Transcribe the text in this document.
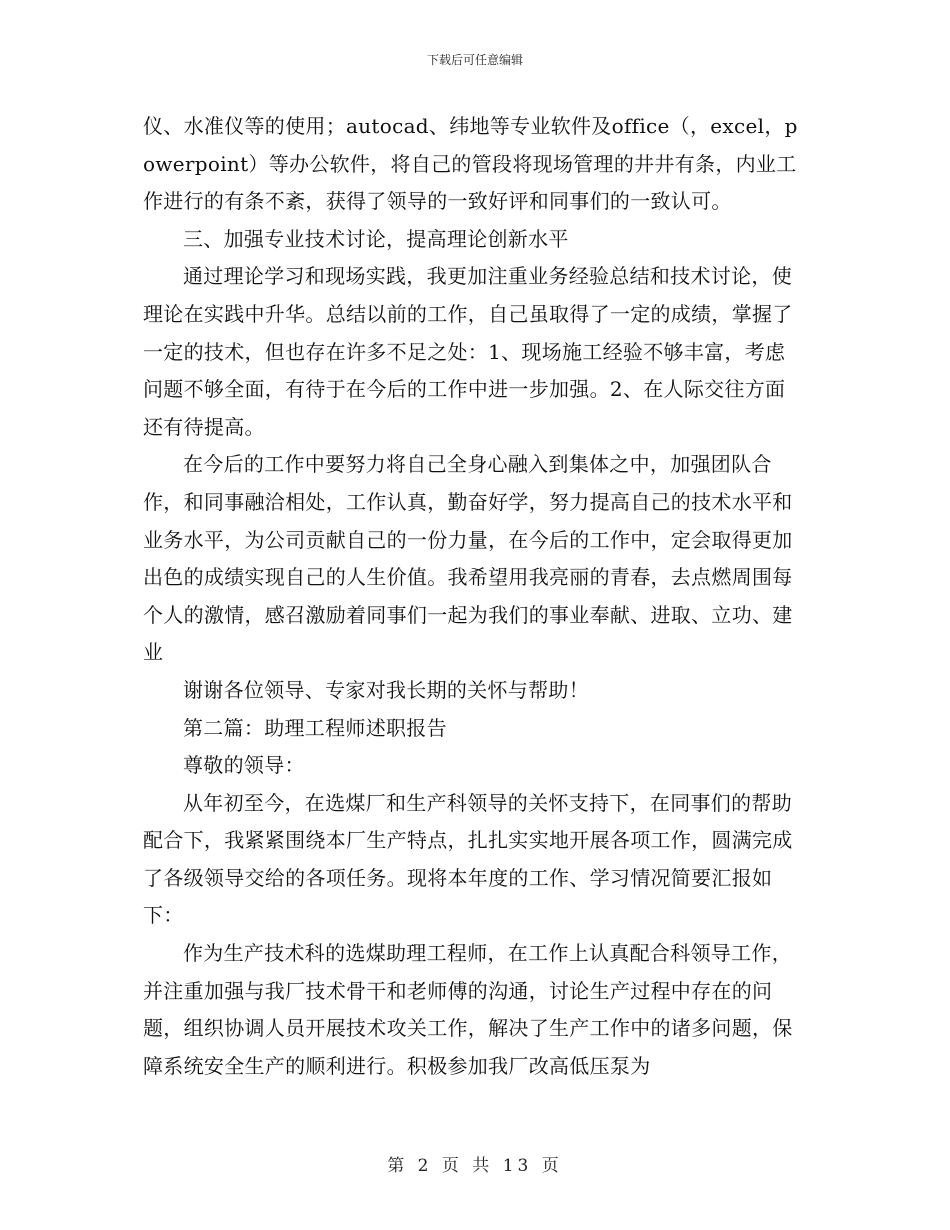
下载后可任意编辑

仪、水准仪等的使用；autocad、纬地等专业软件及office（，excel，powerpoint）等办公软件，将自己的管段将现场管理的井井有条，内业工作进行的有条不紊，获得了领导的一致好评和同事们的一致认可。

三、加强专业技术讨论，提高理论创新水平

通过理论学习和现场实践，我更加注重业务经验总结和技术讨论，使理论在实践中升华。总结以前的工作，自己虽取得了一定的成绩，掌握了一定的技术，但也存在许多不足之处：1、现场施工经验不够丰富，考虑问题不够全面，有待于在今后的工作中进一步加强。2、在人际交往方面还有待提高。

在今后的工作中要努力将自己全身心融入到集体之中，加强团队合作，和同事融洽相处，工作认真，勤奋好学，努力提高自己的技术水平和业务水平，为公司贡献自己的一份力量，在今后的工作中，定会取得更加出色的成绩实现自己的人生价值。我希望用我亮丽的青春，去点燃周围每个人的激情，感召激励着同事们一起为我们的事业奉献、进取、立功、建业

谢谢各位领导、专家对我长期的关怀与帮助！

第二篇：助理工程师述职报告

尊敬的领导：

从年初至今，在选煤厂和生产科领导的关怀支持下，在同事们的帮助配合下，我紧紧围绕本厂生产特点，扎扎实实地开展各项工作，圆满完成了各级领导交给的各项任务。现将本年度的工作、学习情况简要汇报如下：

作为生产技术科的选煤助理工程师，在工作上认真配合科领导工作，并注重加强与我厂技术骨干和老师傅的沟通，讨论生产过程中存在的问题，组织协调人员开展技术攻关工作，解决了生产工作中的诸多问题，保障系统安全生产的顺利进行。积极参加我厂改高低压泵为

第 2 页 共 13 页
